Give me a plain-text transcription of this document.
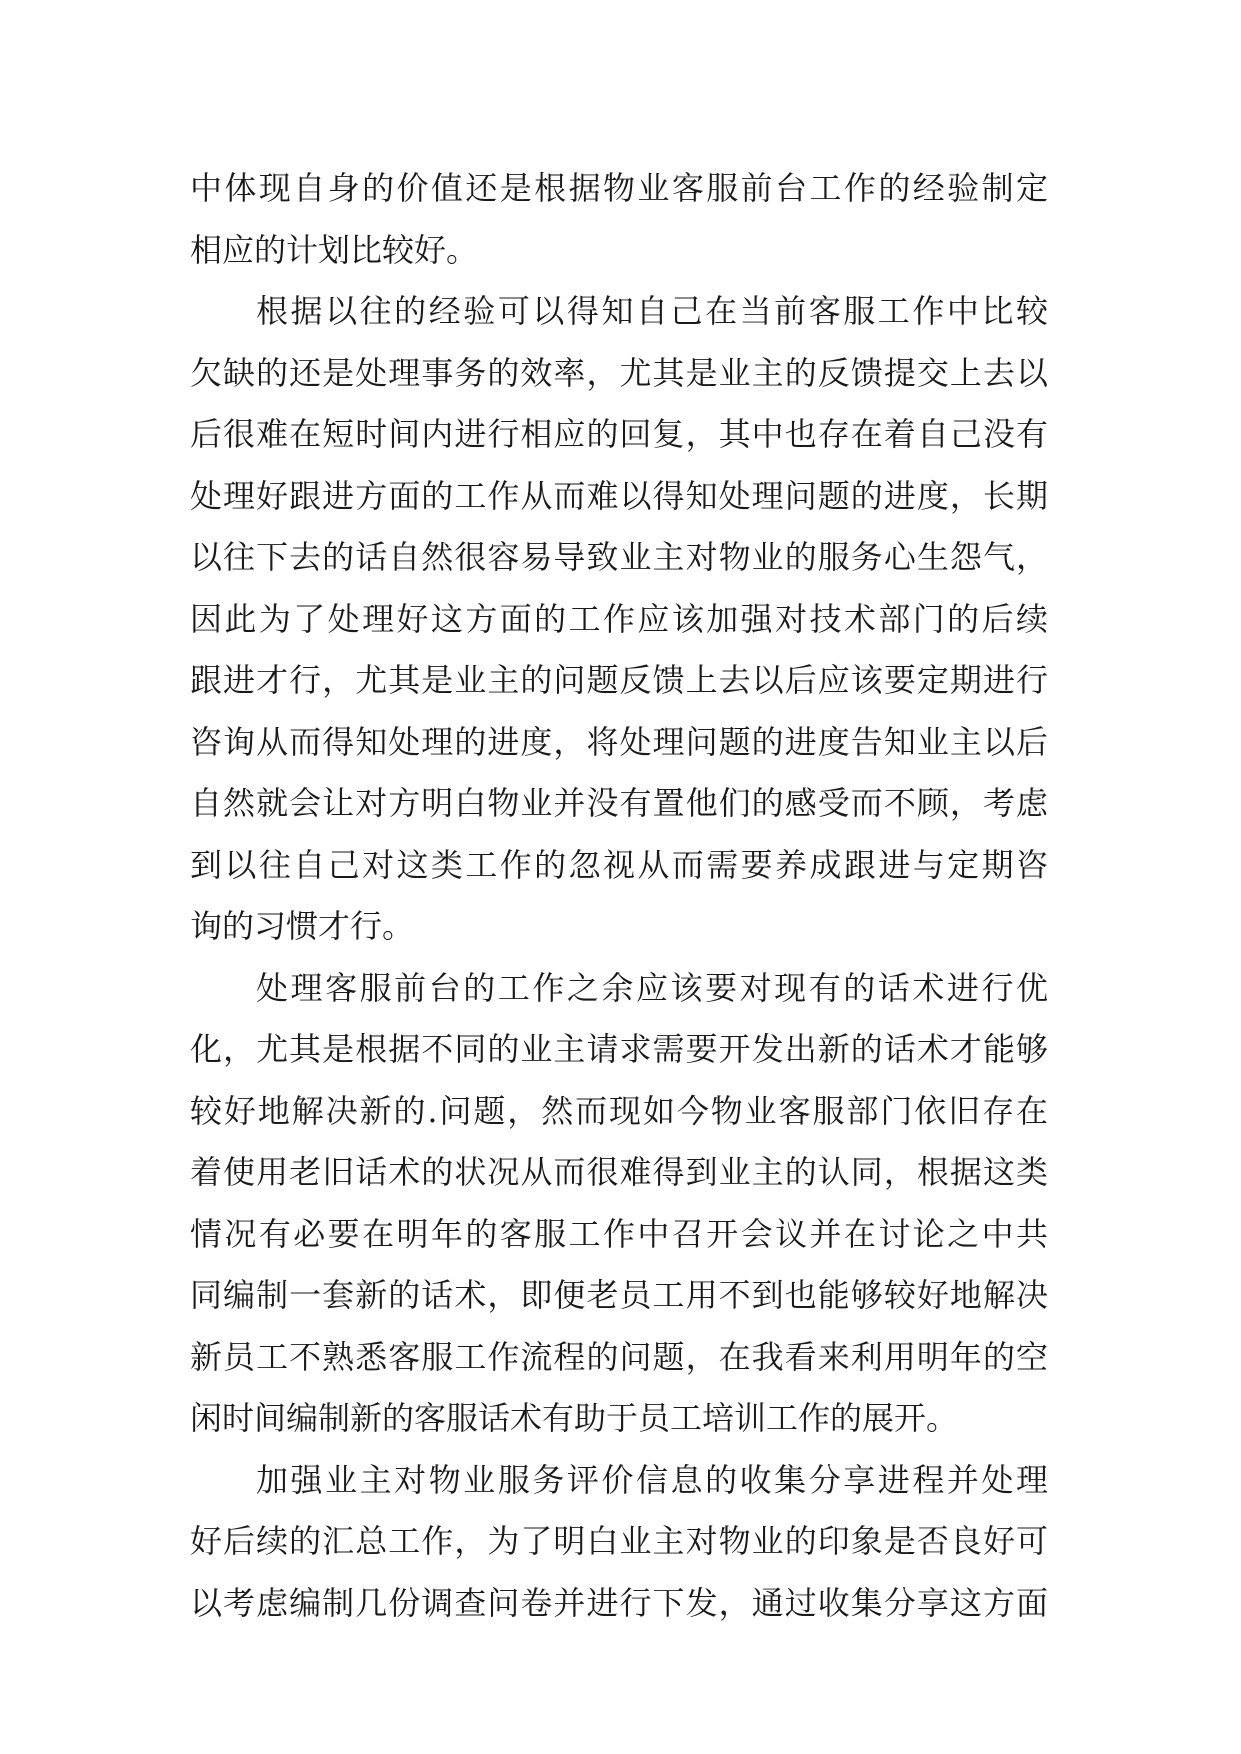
中体现自身的价值还是根据物业客服前台工作的经验制定
相应的计划比较好。
根据以往的经验可以得知自己在当前客服工作中比较
欠缺的还是处理事务的效率，尤其是业主的反馈提交上去以
后很难在短时间内进行相应的回复，其中也存在着自己没有
处理好跟进方面的工作从而难以得知处理问题的进度，长期
以往下去的话自然很容易导致业主对物业的服务心生怨气，
因此为了处理好这方面的工作应该加强对技术部门的后续
跟进才行，尤其是业主的问题反馈上去以后应该要定期进行
咨询从而得知处理的进度，将处理问题的进度告知业主以后
自然就会让对方明白物业并没有置他们的感受而不顾，考虑
到以往自己对这类工作的忽视从而需要养成跟进与定期咨
询的习惯才行。
处理客服前台的工作之余应该要对现有的话术进行优
化，尤其是根据不同的业主请求需要开发出新的话术才能够
较好地解决新的.问题，然而现如今物业客服部门依旧存在
着使用老旧话术的状况从而很难得到业主的认同，根据这类
情况有必要在明年的客服工作中召开会议并在讨论之中共
同编制一套新的话术，即便老员工用不到也能够较好地解决
新员工不熟悉客服工作流程的问题，在我看来利用明年的空
闲时间编制新的客服话术有助于员工培训工作的展开。
加强业主对物业服务评价信息的收集分享进程并处理
好后续的汇总工作，为了明白业主对物业的印象是否良好可
以考虑编制几份调查问卷并进行下发，通过收集分享这方面
